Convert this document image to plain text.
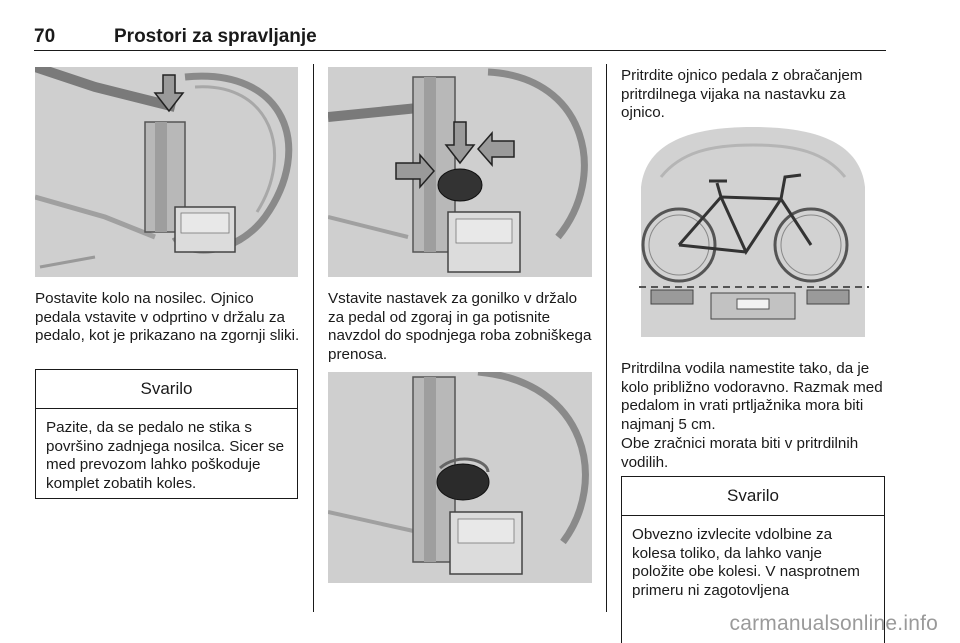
70	Prostori za spravljanje

Postavite kolo na nosilec. Ojnico pedala vstavite v odprtino v držalu za pedalo, kot je prikazano na zgornji sliki.

Svarilo
Pazite, da se pedalo ne stika s površino zadnjega nosilca. Sicer se med prevozom lahko poškoduje komplet zobatih koles.

Vstavite nastavek za gonilko v držalo za pedal od zgoraj in ga potisnite navzdol do spodnjega roba zobniškega prenosa.

Pritrdite ojnico pedala z obračanjem pritrdilnega vijaka na nastavku za ojnico.

Pritrdilna vodila namestite tako, da je kolo približno vodoravno. Razmak med pedalom in vrati prtljažnika mora biti najmanj 5 cm.

Obe zračnici morata biti v pritrdilnih vodilih.

Svarilo
Obvezno izvlecite vdolbine za kolesa toliko, da lahko vanje položite obe kolesi. V nasprotnem primeru ni zagotovljena
carmanualsonline.info
